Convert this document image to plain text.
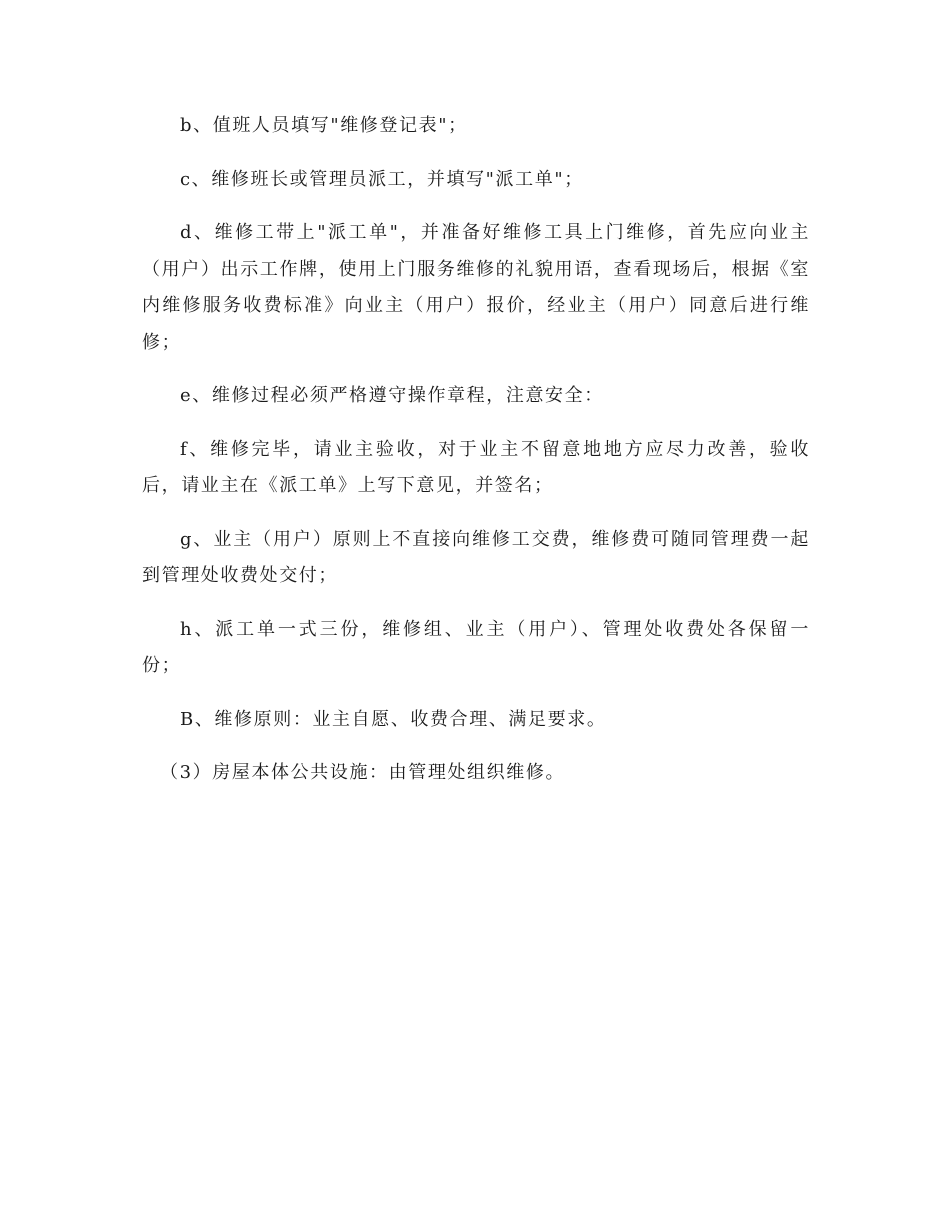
b、值班人员填写"维修登记表"；

c、维修班长或管理员派工，并填写"派工单"；

d、维修工带上"派工单"，并准备好维修工具上门维修，首先应向业主（用户）出示工作牌，使用上门服务维修的礼貌用语，查看现场后，根据《室内维修服务收费标准》向业主（用户）报价，经业主（用户）同意后进行维修；

e、维修过程必须严格遵守操作章程，注意安全：

f、维修完毕，请业主验收，对于业主不留意地地方应尽力改善，验收后，请业主在《派工单》上写下意见，并签名；

g、业主（用户）原则上不直接向维修工交费，维修费可随同管理费一起到管理处收费处交付；

h、派工单一式三份，维修组、业主（用户）、管理处收费处各保留一份；

B、维修原则：业主自愿、收费合理、满足要求。

（3）房屋本体公共设施：由管理处组织维修。
